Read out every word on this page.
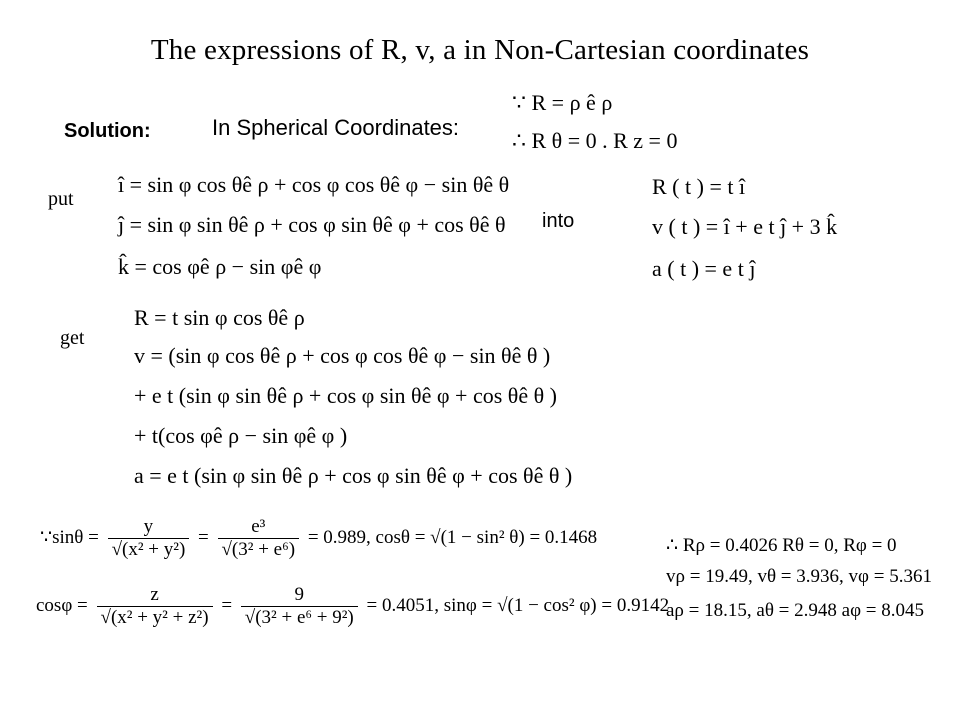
The expressions of R, v, a in Non-Cartesian coordinates
Solution:	In Spherical Coordinates:
∵ R = ρ ê ρ
∴ R θ = 0 . R z = 0
put
î = sin φ cos θê ρ + cos φ cos θê φ − sin θê θ
ĵ = sin φ sin θê ρ + cos φ sin θê φ + cos θê θ
k̂ = cos φê ρ − sin φê φ
into
R ( t ) = t î
v ( t ) = î + e t ĵ + 3 k̂
a ( t ) = e t ĵ
get
R = t sin φ cos θê ρ
v = (sin φ cos θê ρ + cos φ cos θê φ − sin θê θ )
+ e t (sin φ sin θê ρ + cos φ sin θê φ + cos θê θ )
+ t(cos φê ρ − sin φê φ )
a = e t (sin φ sin θê ρ + cos φ sin θê φ + cos θê θ )
∵sinθ = $\frac{y}{\text{√(x² + y²)}} = \frac{\text{e³}}{\text{√(3² + e⁶)}} = 0.989$, cosθ = √(1 − sin² θ) = 0.1468
$\cos\varphi = \frac{z}{\text{√(x² + y² + z²)}} = \frac{9}{\text{√(3² + e⁶ + 9²)}} = 0.4051$, sinφ = √(1 − cos² φ) = 0.9142
∴ Rρ = 0.4026 Rθ = 0, Rφ = 0
vρ = 19.49, vθ = 3.936, vφ = 5.361
aρ = 18.15, aθ = 2.948 aφ = 8.045
